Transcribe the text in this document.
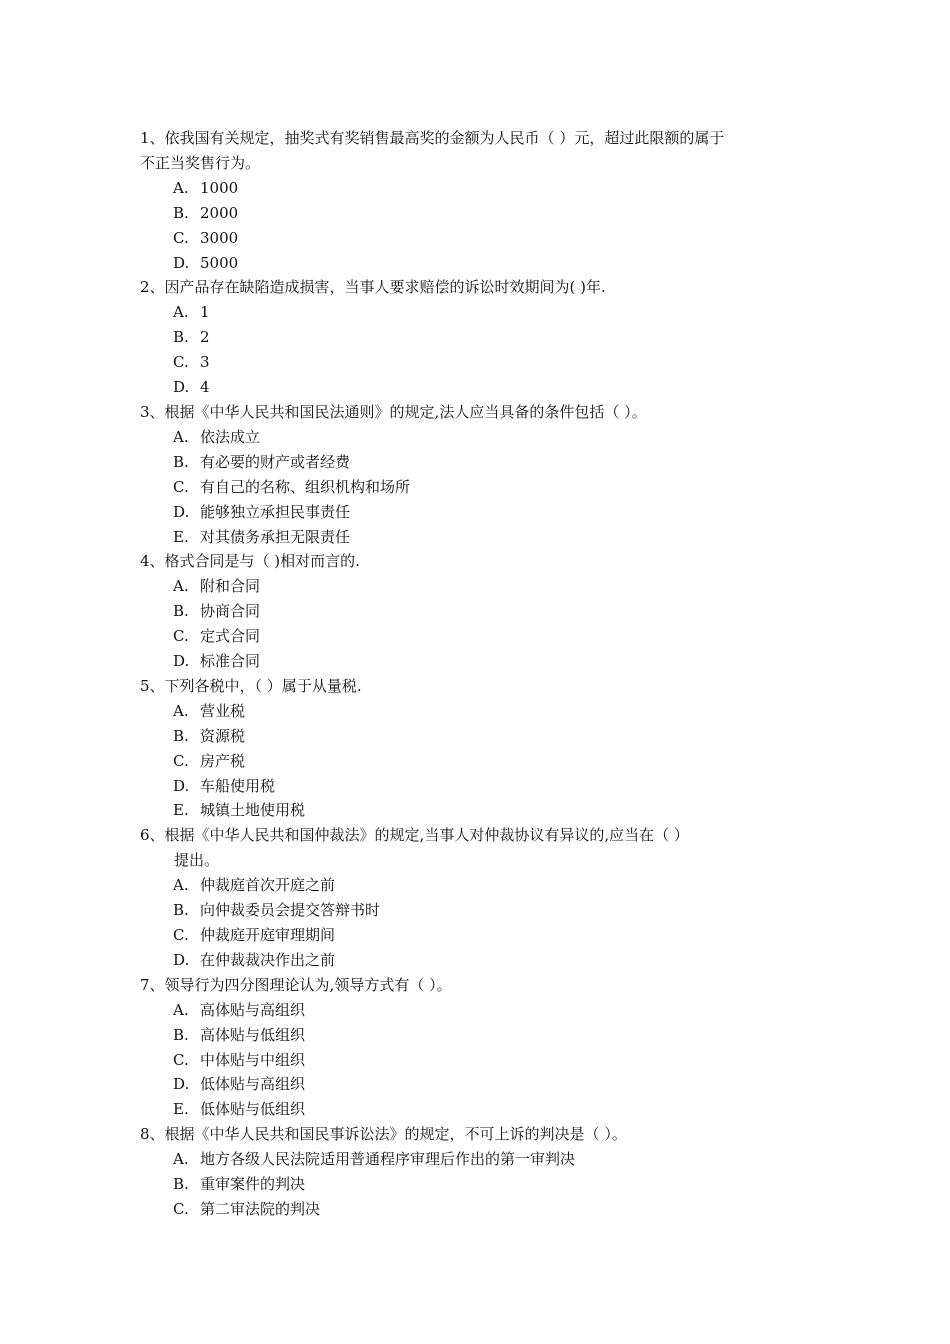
1、依我国有关规定，抽奖式有奖销售最高奖的金额为人民币（ ）元，超过此限额的属于
不正当奖售行为。
A. 1000
B. 2000
C. 3000
D. 5000
2、因产品存在缺陷造成损害，当事人要求赔偿的诉讼时效期间为( )年.
A. 1
B. 2
C. 3
D. 4
3、根据《中华人民共和国民法通则》的规定,法人应当具备的条件包括（ ）。
A. 依法成立
B. 有必要的财产或者经费
C. 有自己的名称、组织机构和场所
D. 能够独立承担民事责任
E. 对其债务承担无限责任
4、格式合同是与（ )相对而言的.
A. 附和合同
B. 协商合同
C. 定式合同
D. 标准合同
5、下列各税中，（ ）属于从量税.
A. 营业税
B. 资源税
C. 房产税
D. 车船使用税
E. 城镇土地使用税
6、根据《中华人民共和国仲裁法》的规定,当事人对仲裁协议有异议的,应当在（ ）
提出。
A. 仲裁庭首次开庭之前
B. 向仲裁委员会提交答辩书时
C. 仲裁庭开庭审理期间
D. 在仲裁裁决作出之前
7、领导行为四分图理论认为,领导方式有（ ）。
A. 高体贴与高组织
B. 高体贴与低组织
C. 中体贴与中组织
D. 低体贴与高组织
E. 低体贴与低组织
8、根据《中华人民共和国民事诉讼法》的规定，不可上诉的判决是（ ）。
A. 地方各级人民法院适用普通程序审理后作出的第一审判决
B. 重审案件的判决
C. 第二审法院的判决
